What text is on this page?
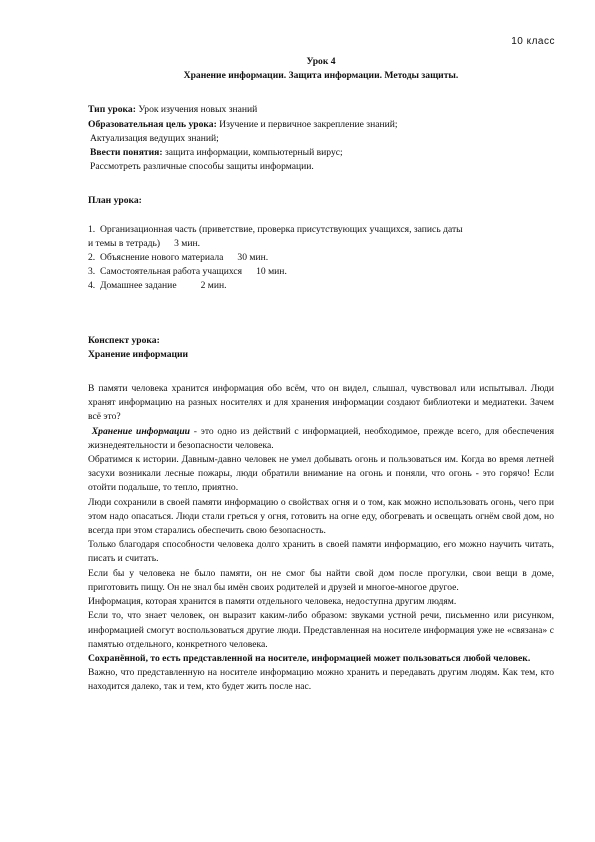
10 класс
Урок 4
Хранение информации. Защита информации. Методы защиты.
Тип урока: Урок изучения новых знаний
Образовательная цель урока: Изучение и первичное закрепление знаний;
Актуализация ведущих знаний;
Ввести понятия: защита информации, компьютерный вирус;
Рассмотреть различные способы защиты информации.
План урока:
1. Организационная часть (приветствие, проверка присутствующих учащихся, запись даты
и темы в тетрадь) 3 мин.
2. Объяснение нового материала 30 мин.
3. Самостоятельная работа учащихся 10 мин.
4. Домашнее задание	2 мин.
Конспект урока:
Хранение информации
В памяти человека хранится информация обо всём, что он видел, слышал, чувствовал или испытывал. Люди хранят информацию на разных носителях и для хранения информации создают библиотеки и медиатеки. Зачем всё это?
Хранение информации - это одно из действий с информацией, необходимое, прежде всего, для обеспечения жизнедеятельности и безопасности человека.
Обратимся к истории. Давным-давно человек не умел добывать огонь и пользоваться им. Когда во время летней засухи возникали лесные пожары, люди обратили внимание на огонь и поняли, что огонь - это горячо! Если отойти подальше, то тепло, приятно.
Люди сохранили в своей памяти информацию о свойствах огня и о том, как можно использовать огонь, чего при этом надо опасаться. Люди стали греться у огня, готовить на огне еду, обогревать и освещать огнём свой дом, но всегда при этом старались обеспечить свою безопасность.
Только благодаря способности человека долго хранить в своей памяти информацию, его можно научить читать, писать и считать.
Если бы у человека не было памяти, он не смог бы найти свой дом после прогулки, свои вещи в доме, приготовить пищу. Он не знал бы имён своих родителей и друзей и многое-многое другое.
Информация, которая хранится в памяти отдельного человека, недоступна другим людям.
Если то, что знает человек, он выразит каким-либо образом: звуками устной речи, письменно или рисунком, информацией смогут воспользоваться другие люди. Представленная на носителе информация уже не «связана» с памятью отдельного, конкретного человека.
Сохранённой, то есть представленной на носителе, информацией может пользоваться любой человек.
Важно, что представленную на носителе информацию можно хранить и передавать другим людям. Как тем, кто находится далеко, так и тем, кто будет жить после нас.
